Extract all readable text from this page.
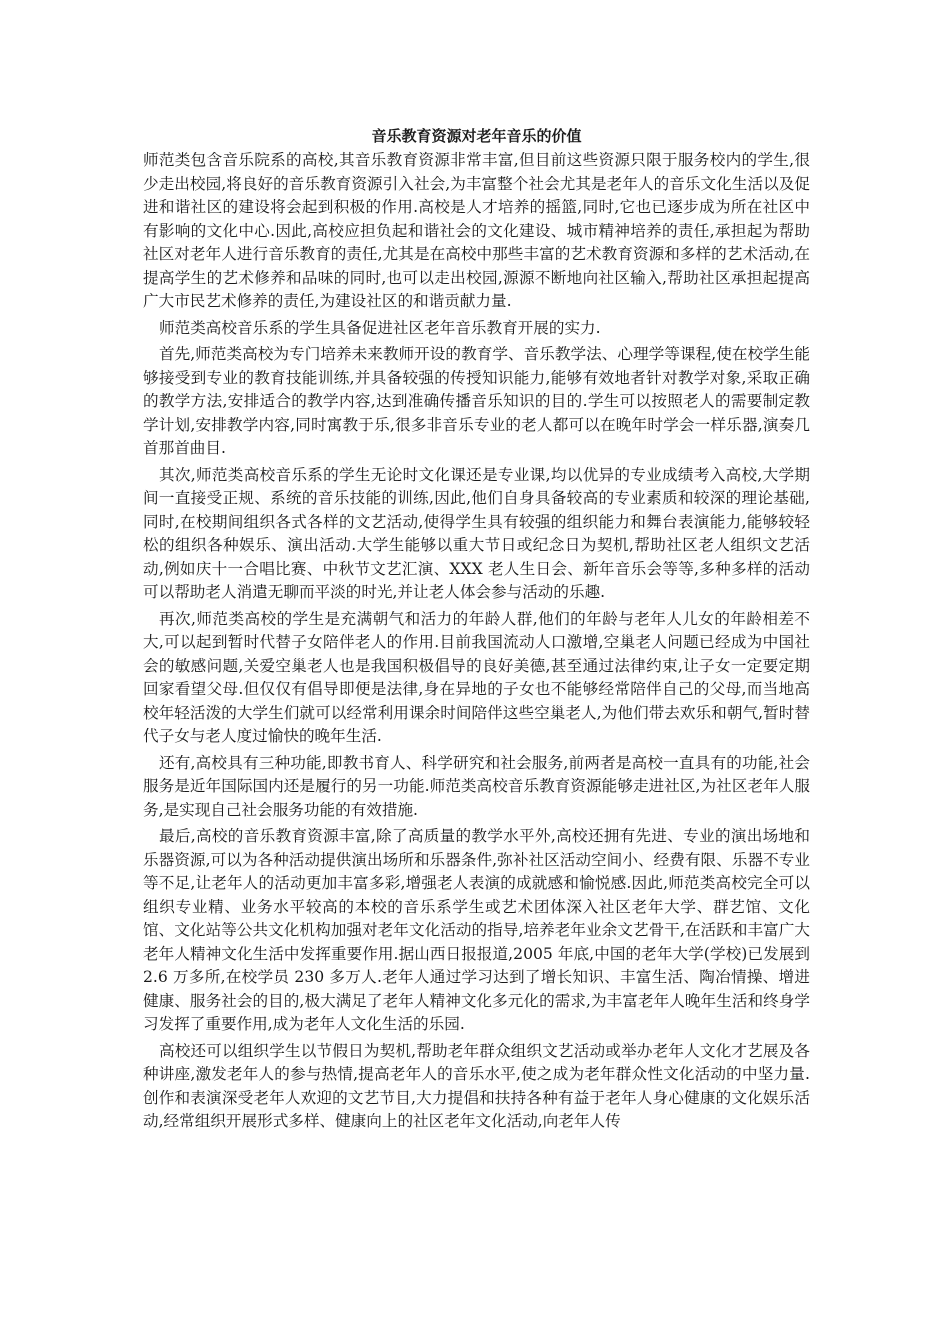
音乐教育资源对老年音乐的价值

师范类包含音乐院系的高校,其音乐教育资源非常丰富,但目前这些资源只限于服务校内的学生,很少走出校园,将良好的音乐教育资源引入社会,为丰富整个社会尤其是老年人的音乐文化生活以及促进和谐社区的建设将会起到积极的作用.高校是人才培养的摇篮,同时,它也已逐步成为所在社区中有影响的文化中心.因此,高校应担负起和谐社会的文化建设、城市精神培养的责任,承担起为帮助社区对老年人进行音乐教育的责任,尤其是在高校中那些丰富的艺术教育资源和多样的艺术活动,在提高学生的艺术修养和品味的同时,也可以走出校园,源源不断地向社区输入,帮助社区承担起提高广大市民艺术修养的责任,为建设社区的和谐贡献力量.

师范类高校音乐系的学生具备促进社区老年音乐教育开展的实力.

首先,师范类高校为专门培养未来教师开设的教育学、音乐教学法、心理学等课程,使在校学生能够接受到专业的教育技能训练,并具备较强的传授知识能力,能够有效地者针对教学对象,采取正确的教学方法,安排适合的教学内容,达到准确传播音乐知识的目的.学生可以按照老人的需要制定教学计划,安排教学内容,同时寓教于乐,很多非音乐专业的老人都可以在晚年时学会一样乐器,演奏几首那首曲目.

其次,师范类高校音乐系的学生无论时文化课还是专业课,均以优异的专业成绩考入高校,大学期间一直接受正规、系统的音乐技能的训练,因此,他们自身具备较高的专业素质和较深的理论基础,同时,在校期间组织各式各样的文艺活动,使得学生具有较强的组织能力和舞台表演能力,能够较轻松的组织各种娱乐、演出活动.大学生能够以重大节日或纪念日为契机,帮助社区老人组织文艺活动,例如庆十一合唱比赛、中秋节文艺汇演、XXX 老人生日会、新年音乐会等等,多种多样的活动可以帮助老人消遣无聊而平淡的时光,并让老人体会参与活动的乐趣.

再次,师范类高校的学生是充满朝气和活力的年龄人群,他们的年龄与老年人儿女的年龄相差不大,可以起到暂时代替子女陪伴老人的作用.目前我国流动人口激增,空巢老人问题已经成为中国社会的敏感问题,关爱空巢老人也是我国积极倡导的良好美德,甚至通过法律约束,让子女一定要定期回家看望父母.但仅仅有倡导即便是法律,身在异地的子女也不能够经常陪伴自己的父母,而当地高校年轻活泼的大学生们就可以经常利用课余时间陪伴这些空巢老人,为他们带去欢乐和朝气,暂时替代子女与老人度过愉快的晚年生活.

还有,高校具有三种功能,即教书育人、科学研究和社会服务,前两者是高校一直具有的功能,社会服务是近年国际国内还是履行的另一功能.师范类高校音乐教育资源能够走进社区,为社区老年人服务,是实现自己社会服务功能的有效措施.

最后,高校的音乐教育资源丰富,除了高质量的教学水平外,高校还拥有先进、专业的演出场地和乐器资源,可以为各种活动提供演出场所和乐器条件,弥补社区活动空间小、经费有限、乐器不专业等不足,让老年人的活动更加丰富多彩,增强老人表演的成就感和愉悦感.因此,师范类高校完全可以组织专业精、业务水平较高的本校的音乐系学生或艺术团体深入社区老年大学、群艺馆、文化馆、文化站等公共文化机构加强对老年文化活动的指导,培养老年业余文艺骨干,在活跃和丰富广大老年人精神文化生活中发挥重要作用.据山西日报报道,2005 年底,中国的老年大学(学校)已发展到 2.6 万多所,在校学员 230 多万人.老年人通过学习达到了增长知识、丰富生活、陶冶情操、增进健康、服务社会的目的,极大满足了老年人精神文化多元化的需求,为丰富老年人晚年生活和终身学习发挥了重要作用,成为老年人文化生活的乐园.

高校还可以组织学生以节假日为契机,帮助老年群众组织文艺活动或举办老年人文化才艺展及各种讲座,激发老年人的参与热情,提高老年人的音乐水平,使之成为老年群众性文化活动的中坚力量.创作和表演深受老年人欢迎的文艺节目,大力提倡和扶持各种有益于老年人身心健康的文化娱乐活动,经常组织开展形式多样、健康向上的社区老年文化活动,向老年人传
